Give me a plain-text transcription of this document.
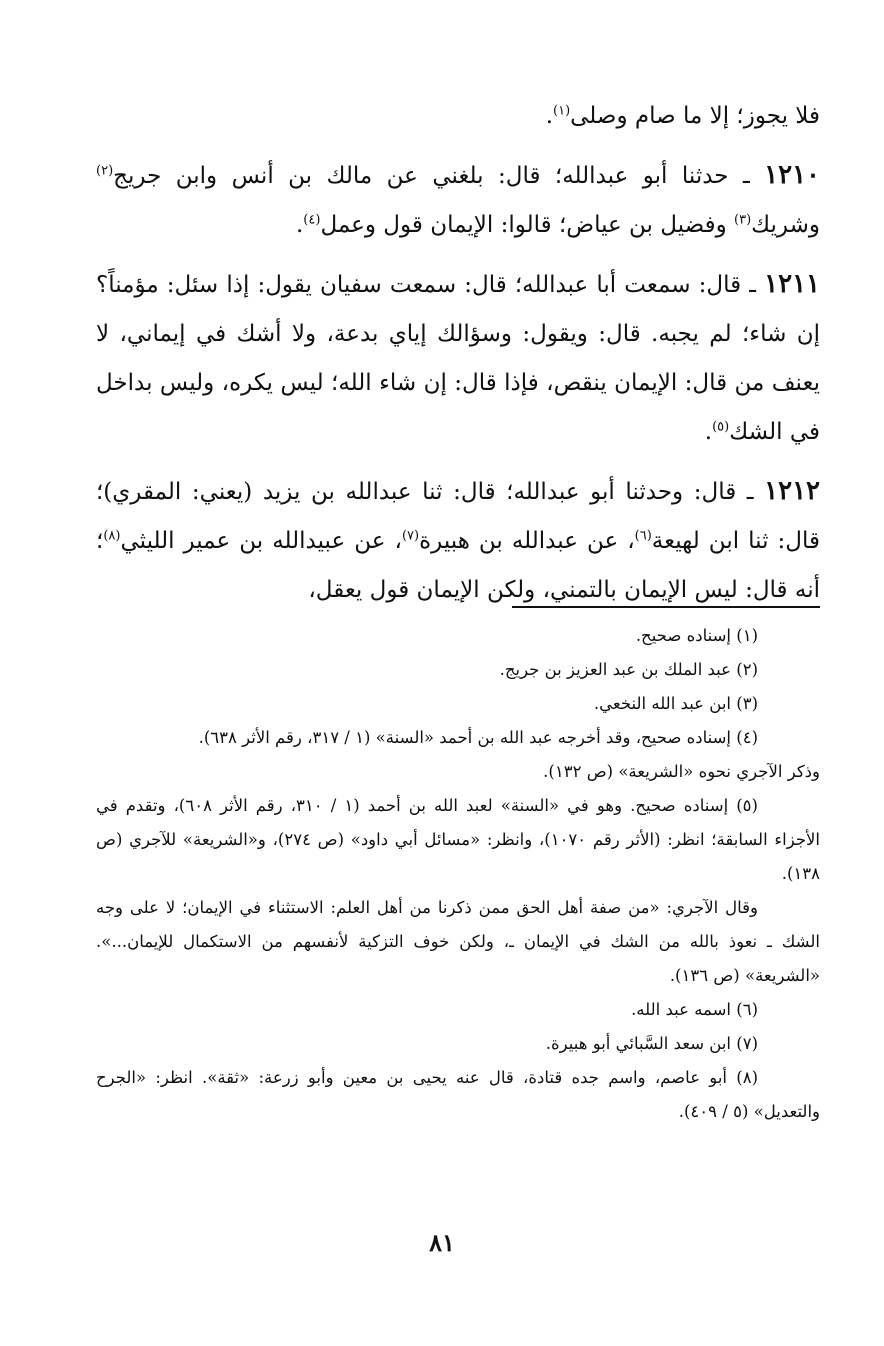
فلا يجوز؛ إلا ما صام وصلى$^{(١)}$.

١٢١٠ ـ حدثنا أبو عبدالله؛ قال: بلغني عن مالك بن أنس وابن جريج$^{(٢)}$ وشريك$^{(٣)}$ وفضيل بن عياض؛ قالوا: الإيمان قول وعمل$^{(٤)}$.

١٢١١ ـ قال: سمعت أبا عبدالله؛ قال: سمعت سفيان يقول: إذا سئل: مؤمناً؟ إن شاء؛ لم يجبه. قال: ويقول: وسؤالك إياي بدعة، ولا أشك في إيماني، لا يعنف من قال: الإيمان ينقص، فإذا قال: إن شاء الله؛ ليس يكره، وليس بداخل في الشك$^{(٥)}$.

١٢١٢ ـ قال: وحدثنا أبو عبدالله؛ قال: ثنا عبدالله بن يزيد (يعني: المقري)؛ قال: ثنا ابن لهيعة$^{(٦)}$، عن عبدالله بن هبيرة$^{(٧)}$، عن عبيدالله بن عمير الليثي$^{(٨)}$؛ أنه قال: ليس الإيمان بالتمني، ولكن الإيمان قول يعقل،

(١) إسناده صحيح.

(٢) عبد الملك بن عبد العزيز بن جريج.

(٣) ابن عبد الله النخعي.

(٤) إسناده صحيح، وقد أخرجه عبد الله بن أحمد «السنة» (١ / ٣١٧، رقم الأثر ٦٣٨).

وذكر الآجري نحوه «الشريعة» (ص ١٣٢).

(٥) إسناده صحيح. وهو في «السنة» لعبد الله بن أحمد (١ / ٣١٠، رقم الأثر ٦٠٨)، وتقدم في الأجزاء السابقة؛ انظر: (الأثر رقم ١٠٧٠)، وانظر: «مسائل أبي داود» (ص ٢٧٤)، و«الشريعة» للآجري (ص ١٣٨).

وقال الآجري: «من صفة أهل الحق ممن ذكرنا من أهل العلم: الاستثناء في الإيمان؛ لا على وجه الشك ـ نعوذ بالله من الشك في الإيمان ـ، ولكن خوف التزكية لأنفسهم من الاستكمال للإيمان...». «الشريعة» (ص ١٣٦).

(٦) اسمه عبد الله.

(٧) ابن سعد السَّبائي أبو هبيرة.

(٨) أبو عاصم، واسم جده قتادة، قال عنه يحيى بن معين وأبو زرعة: «ثقة». انظر: «الجرح والتعديل» (٥ / ٤٠٩).

٨١
